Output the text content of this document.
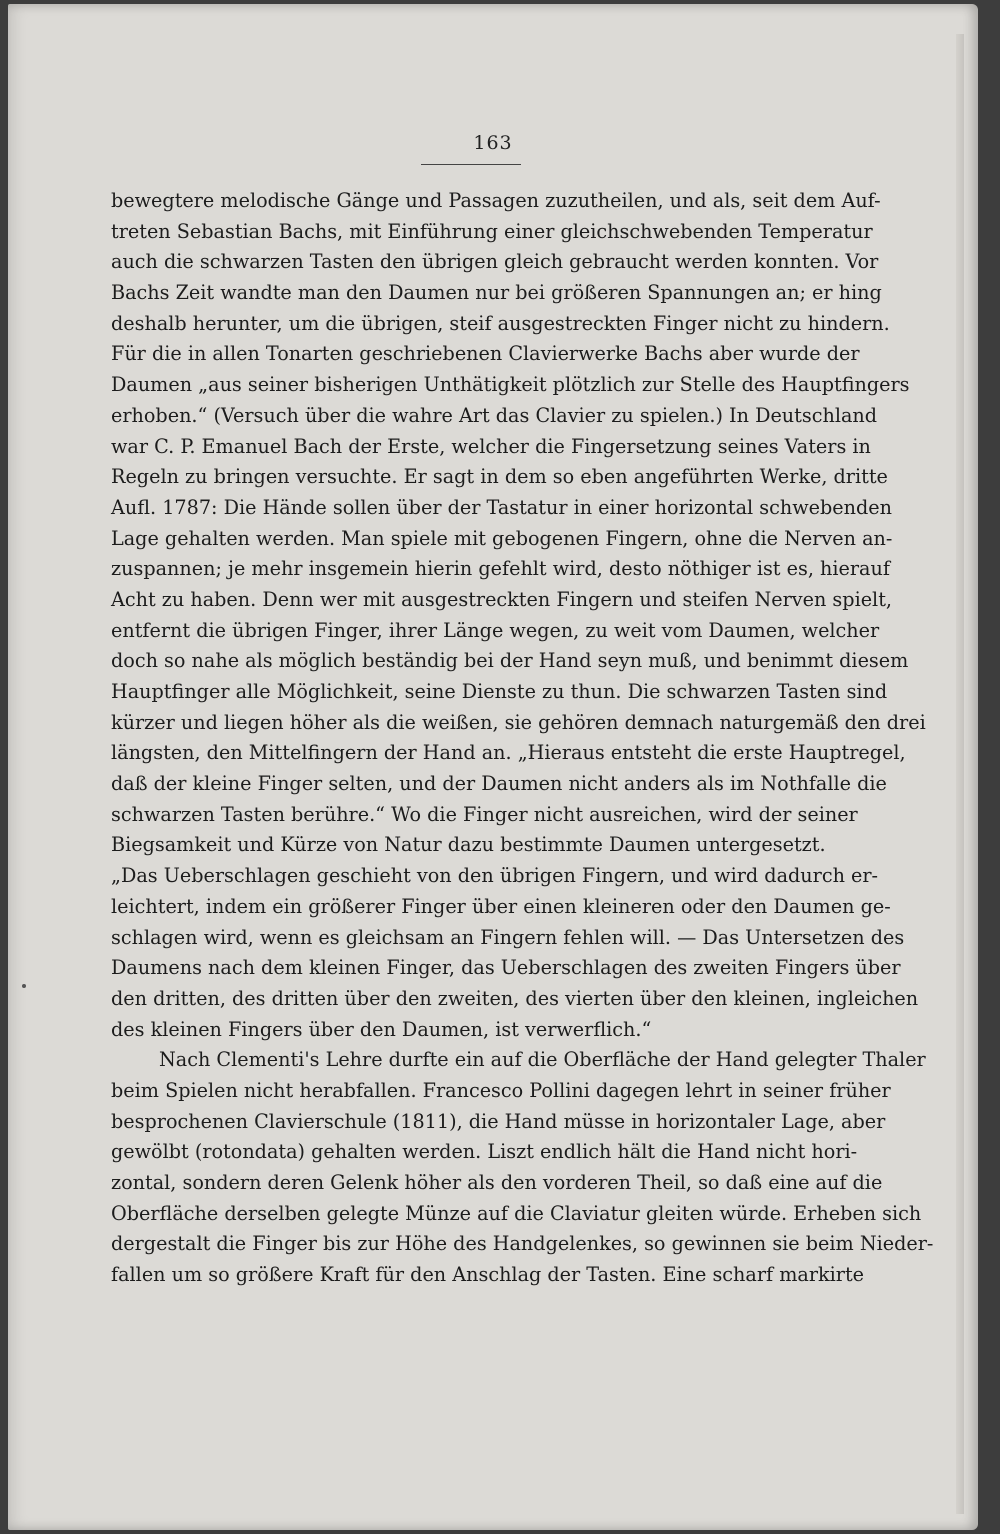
163
bewegtere melodische Gänge und Passagen zuzutheilen, und als, seit dem Auf-
treten Sebastian Bachs, mit Einführung einer gleichschwebenden Temperatur
auch die schwarzen Tasten den übrigen gleich gebraucht werden konnten. Vor
Bachs Zeit wandte man den Daumen nur bei größeren Spannungen an; er hing
deshalb herunter, um die übrigen, steif ausgestreckten Finger nicht zu hindern.
Für die in allen Tonarten geschriebenen Clavierwerke Bachs aber wurde der
Daumen „aus seiner bisherigen Unthätigkeit plötzlich zur Stelle des Hauptfingers
erhoben.“ (Versuch über die wahre Art das Clavier zu spielen.) In Deutschland
war C. P. Emanuel Bach der Erste, welcher die Fingersetzung seines Vaters in
Regeln zu bringen versuchte. Er sagt in dem so eben angeführten Werke, dritte
Aufl. 1787: Die Hände sollen über der Tastatur in einer horizontal schwebenden
Lage gehalten werden. Man spiele mit gebogenen Fingern, ohne die Nerven an-
zuspannen; je mehr insgemein hierin gefehlt wird, desto nöthiger ist es, hierauf
Acht zu haben. Denn wer mit ausgestreckten Fingern und steifen Nerven spielt,
entfernt die übrigen Finger, ihrer Länge wegen, zu weit vom Daumen, welcher
doch so nahe als möglich beständig bei der Hand seyn muß, und benimmt diesem
Hauptfinger alle Möglichkeit, seine Dienste zu thun. Die schwarzen Tasten sind
kürzer und liegen höher als die weißen, sie gehören demnach naturgemäß den drei
längsten, den Mittelfingern der Hand an. „Hieraus entsteht die erste Hauptregel,
daß der kleine Finger selten, und der Daumen nicht anders als im Nothfalle die
schwarzen Tasten berühre.“ Wo die Finger nicht ausreichen, wird der seiner
Biegsamkeit und Kürze von Natur dazu bestimmte Daumen untergesetzt.
„Das Ueberschlagen geschieht von den übrigen Fingern, und wird dadurch er-
leichtert, indem ein größerer Finger über einen kleineren oder den Daumen ge-
schlagen wird, wenn es gleichsam an Fingern fehlen will. — Das Untersetzen des
Daumens nach dem kleinen Finger, das Ueberschlagen des zweiten Fingers über
den dritten, des dritten über den zweiten, des vierten über den kleinen, ingleichen
des kleinen Fingers über den Daumen, ist verwerflich.“
Nach Clementi's Lehre durfte ein auf die Oberfläche der Hand gelegter Thaler
beim Spielen nicht herabfallen. Francesco Pollini dagegen lehrt in seiner früher
besprochenen Clavierschule (1811), die Hand müsse in horizontaler Lage, aber
gewölbt (rotondata) gehalten werden. Liszt endlich hält die Hand nicht hori-
zontal, sondern deren Gelenk höher als den vorderen Theil, so daß eine auf die
Oberfläche derselben gelegte Münze auf die Claviatur gleiten würde. Erheben sich
dergestalt die Finger bis zur Höhe des Handgelenkes, so gewinnen sie beim Nieder-
fallen um so größere Kraft für den Anschlag der Tasten. Eine scharf markirte
